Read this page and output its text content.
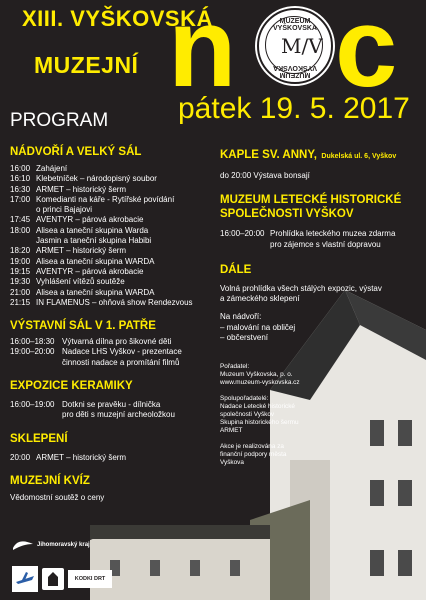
XIII. VYŠKOVSKÁ
MUZEJNÍ n	MUZEUM VYŠKOVSKA
M/V
MUZEUM VYŠKOVSKA c
PROGRAM pátek 19. 5. 2017
NÁDVOŘÍ A VELKÝ SÁL
16:00 Zahájení
16:10 Klebetníček – národopisný soubor
16:30 ARMET – historický šerm
17:00 Komedianti na káře - Rytířské povídání
o princi Bajajovi
17:45 AVENTYR – párová akrobacie
18:00 Alisea a taneční skupina Warda
Jasmin a taneční skupina Habibi
18:20 ARMET – historický šerm
19:00 Alisea a taneční skupina WARDA
19:15 AVENTYR – párová akrobacie
19:30 Vyhlášení vítězů soutěže
21:00 Alisea a taneční skupina WARDA
21:15 IN FLAMENUS – ohňová show Rendezvous
VÝSTAVNÍ SÁL V 1. PATŘE
16:00–18:30 Výtvarná dílna pro šikovné děti
19:00–20:00 Nadace LHS Vyškov - prezentace
činnosti nadace a promítání filmů
EXPOZICE KERAMIKY
16:00–19:00 Dotkni se pravěku - dílnička
pro děti s muzejní archeoložkou
SKLEPENÍ
20:00 ARMET – historický šerm
MUZEJNÍ KVÍZ
Vědomostní soutěž o ceny
KAPLE SV. ANNY, Dukelská ul. 6, Vyškov
do 20:00 Výstava bonsají
MUZEUM LETECKÉ HISTORICKÉ
SPOLEČNOSTI VYŠKOV
16:00–20:00 Prohlídka leteckého muzea zdarma
pro zájemce s vlastní dopravou
DÁLE
Volná prohlídka všech stálých expozic, výstav
a zámeckého sklepení
Na nádvoří:
– malování na obličej
– občerstvení
Pořadatel:
Muzeum Vyškovska, p. o.
www.muzeum-vyskovska.cz
Spolupořadatelé:
Nadace Letecké historické
společnosti Vyškov
Skupina historického šermu
ARMET
Akce je realizována za
finanční podpory města
Vyškova
Jihomoravský kraj
KODKI DRT
